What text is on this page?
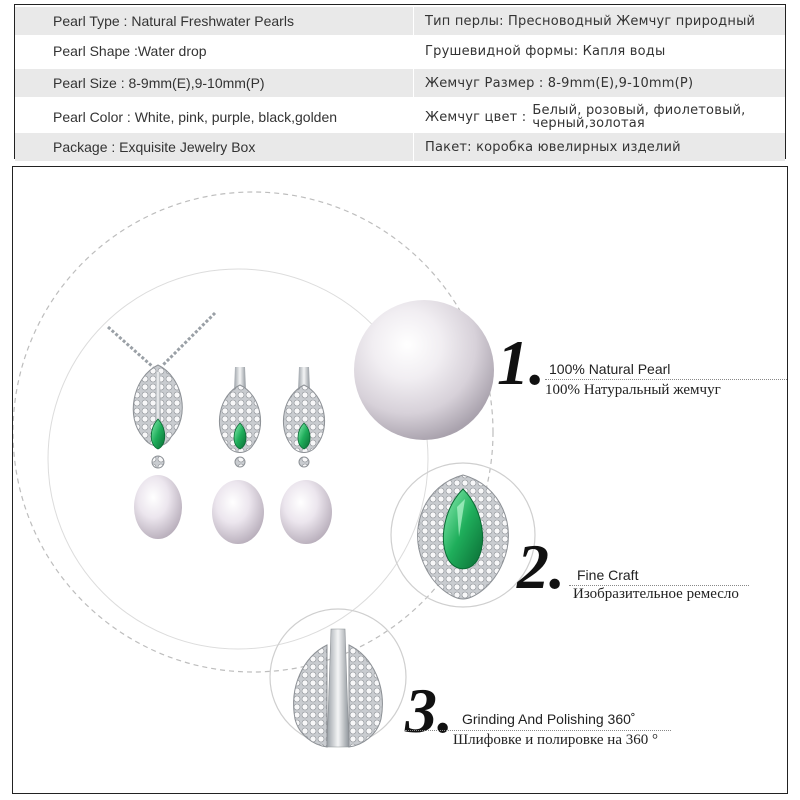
Pearl Type : Natural Freshwater Pearls	Тип перлы: Пресноводный Жемчуг природный
Pearl Shape :Water drop	Грушевидной формы: Капля воды
Pearl Size : 8-9mm(E),9-10mm(P)	Жемчуг Размер : 8-9mm(E),9-10mm(P)
Pearl Color : White, pink, purple, black,golden	Жемчуг цвет : Белый, розовый, фиолетовый,
черный,золотая
Package : Exquisite Jewelry Box	Пакет: коробка ювелирных изделий
1. 100% Natural Pearl
100% Натуральный жемчуг
2. Fine Craft
Изобразительное ремесло
3. Grinding And Polishing 360˚
Шлифовке и полировке на 360 °
